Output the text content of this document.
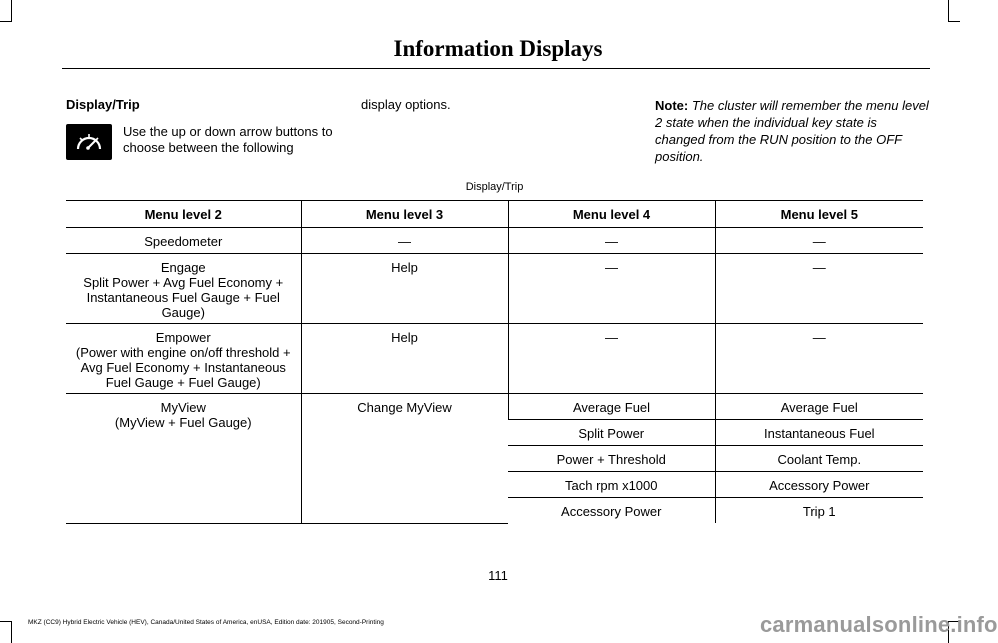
Information Displays
Display/Trip
Use the up or down arrow buttons to choose between the following
display options.	Note: The cluster will remember the menu level 2 state when the individual key state is changed from the RUN position to the OFF position.
Display/Trip			
Menu level 2	Menu level 3	Menu level 4	Menu level 5
Speedometer	—	—	—

Engage
Split Power + Avg Fuel Economy + Instantaneous Fuel Gauge + Fuel Gauge)	Help	—	—

Empower
(Power with engine on/off threshold + Avg Fuel Economy + Instantaneous Fuel Gauge + Fuel Gauge)	Help	—	—

MyView
(MyView + Fuel Gauge)	Change MyView	Average Fuel	Average Fuel
		Split Power	Instantaneous Fuel
		Power + Threshold	Coolant Temp.
		Tach rpm x1000	Accessory Power
		Accessory Power	Trip 1
111
MKZ (CC9) Hybrid Electric Vehicle (HEV), Canada/United States of America, enUSA, Edition date: 201905, Second-Printing	carmanualsonline.info
